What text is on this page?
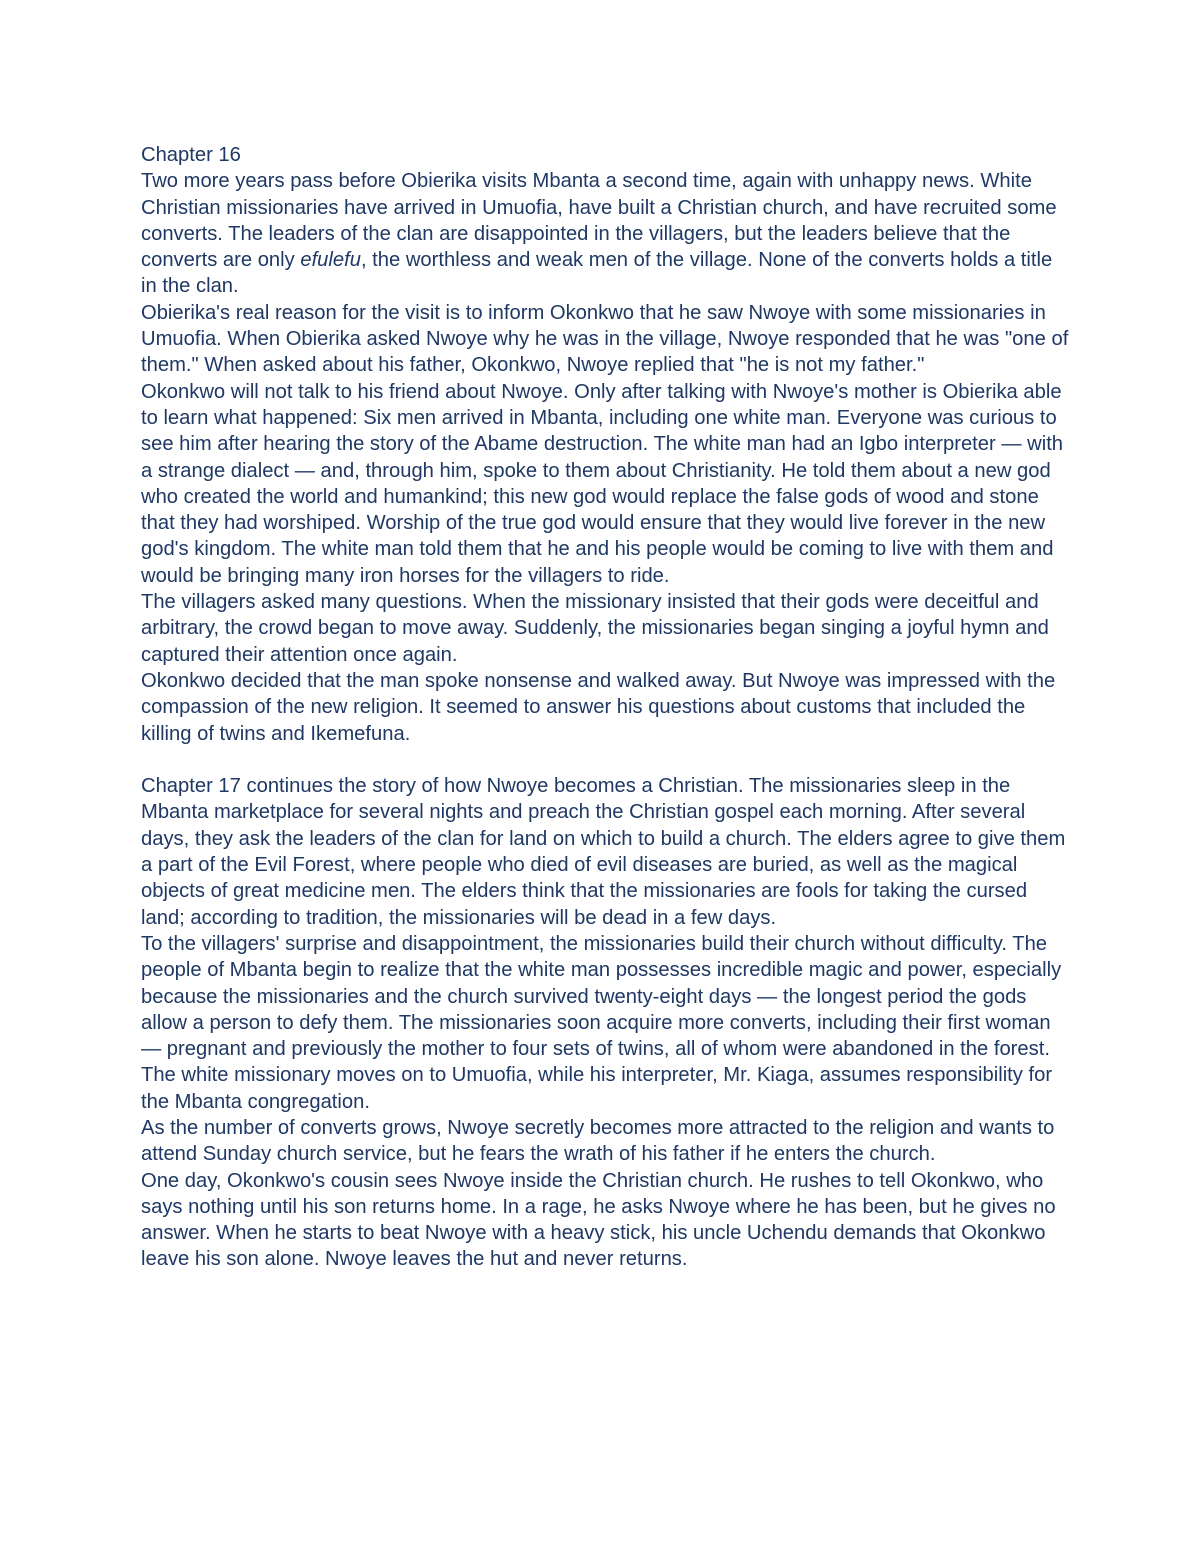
Chapter 16

Two more years pass before Obierika visits Mbanta a second time, again with unhappy news. White Christian missionaries have arrived in Umuofia, have built a Christian church, and have recruited some converts. The leaders of the clan are disappointed in the villagers, but the leaders believe that the converts are only efulefu, the worthless and weak men of the village. None of the converts holds a title in the clan.

Obierika's real reason for the visit is to inform Okonkwo that he saw Nwoye with some missionaries in Umuofia. When Obierika asked Nwoye why he was in the village, Nwoye responded that he was "one of them." When asked about his father, Okonkwo, Nwoye replied that "he is not my father."

Okonkwo will not talk to his friend about Nwoye. Only after talking with Nwoye's mother is Obierika able to learn what happened: Six men arrived in Mbanta, including one white man. Everyone was curious to see him after hearing the story of the Abame destruction. The white man had an Igbo interpreter — with a strange dialect — and, through him, spoke to them about Christianity. He told them about a new god who created the world and humankind; this new god would replace the false gods of wood and stone that they had worshiped. Worship of the true god would ensure that they would live forever in the new god's kingdom. The white man told them that he and his people would be coming to live with them and would be bringing many iron horses for the villagers to ride.

The villagers asked many questions. When the missionary insisted that their gods were deceitful and arbitrary, the crowd began to move away. Suddenly, the missionaries began singing a joyful hymn and captured their attention once again.

Okonkwo decided that the man spoke nonsense and walked away. But Nwoye was impressed with the compassion of the new religion. It seemed to answer his questions about customs that included the killing of twins and Ikemefuna.

Chapter 17 continues the story of how Nwoye becomes a Christian. The missionaries sleep in the Mbanta marketplace for several nights and preach the Christian gospel each morning. After several days, they ask the leaders of the clan for land on which to build a church. The elders agree to give them a part of the Evil Forest, where people who died of evil diseases are buried, as well as the magical objects of great medicine men. The elders think that the missionaries are fools for taking the cursed land; according to tradition, the missionaries will be dead in a few days.

To the villagers' surprise and disappointment, the missionaries build their church without difficulty. The people of Mbanta begin to realize that the white man possesses incredible magic and power, especially because the missionaries and the church survived twenty-eight days — the longest period the gods allow a person to defy them. The missionaries soon acquire more converts, including their first woman — pregnant and previously the mother to four sets of twins, all of whom were abandoned in the forest. The white missionary moves on to Umuofia, while his interpreter, Mr. Kiaga, assumes responsibility for the Mbanta congregation.

As the number of converts grows, Nwoye secretly becomes more attracted to the religion and wants to attend Sunday church service, but he fears the wrath of his father if he enters the church.

One day, Okonkwo's cousin sees Nwoye inside the Christian church. He rushes to tell Okonkwo, who says nothing until his son returns home. In a rage, he asks Nwoye where he has been, but he gives no answer. When he starts to beat Nwoye with a heavy stick, his uncle Uchendu demands that Okonkwo leave his son alone. Nwoye leaves the hut and never returns.
